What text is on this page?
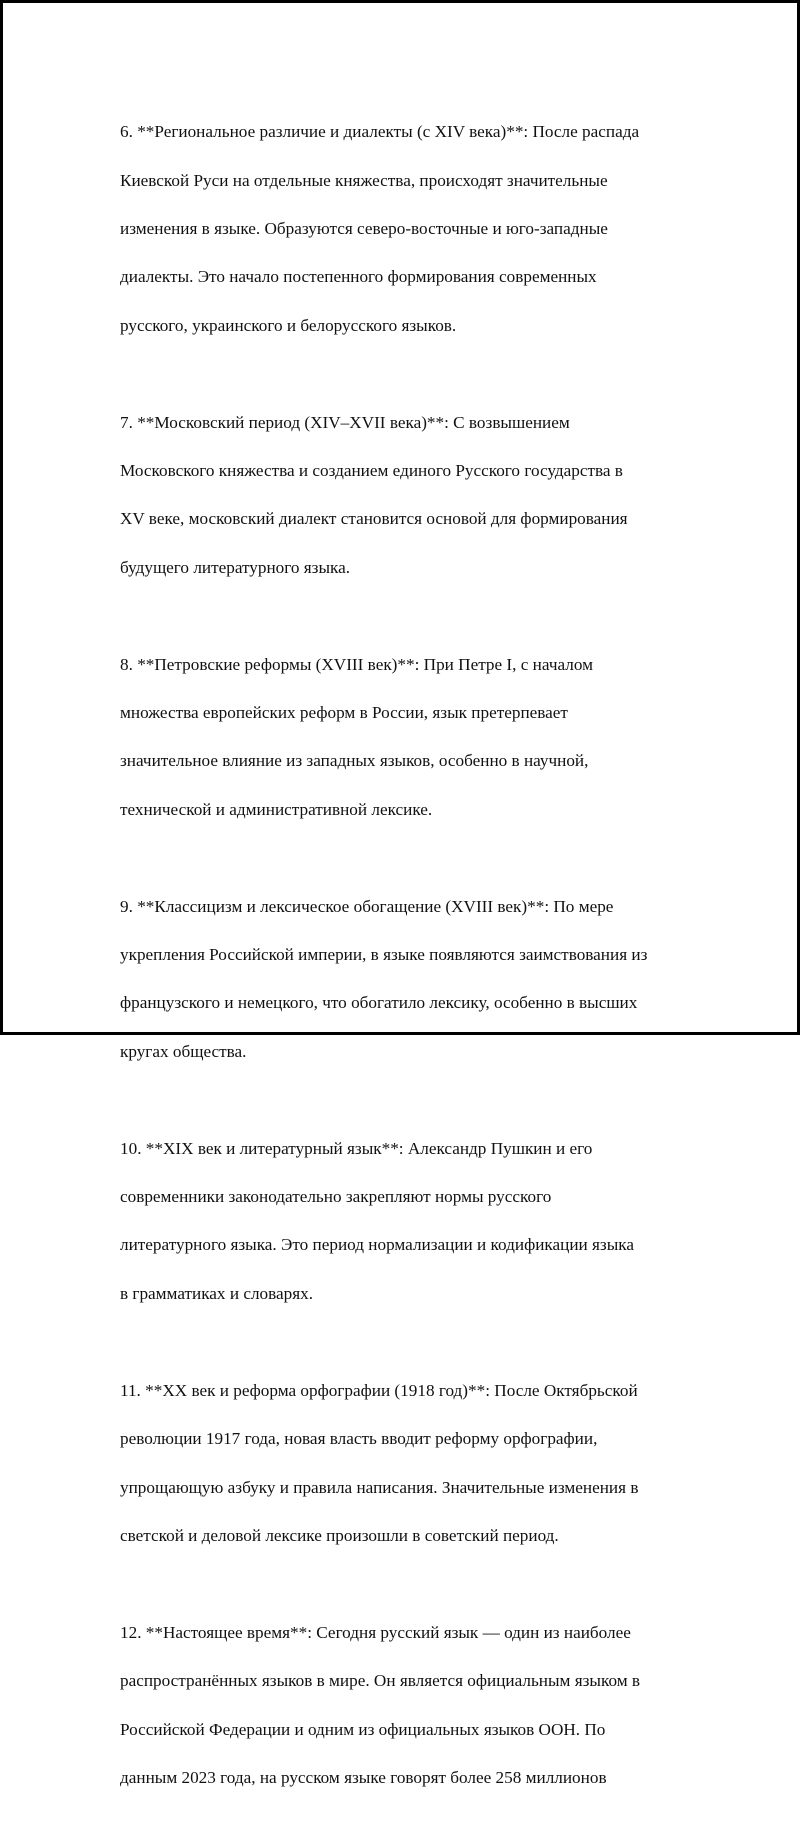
6. **Региональное различие и диалекты (с XIV века)**: После распада

Киевской Руси на отдельные княжества, происходят значительные

изменения в языке. Образуются северо-восточные и юго-западные

диалекты. Это начало постепенного формирования современных

русского, украинского и белорусского языков.

7. **Московский период (XIV–XVII века)**: С возвышением

Московского княжества и созданием единого Русского государства в

XV веке, московский диалект становится основой для формирования

будущего литературного языка.

8. **Петровские реформы (XVIII век)**: При Петре I, с началом

множества европейских реформ в России, язык претерпевает

значительное влияние из западных языков, особенно в научной,

технической и административной лексике.

9. **Классицизм и лексическое обогащение (XVIII век)**: По мере

укрепления Российской империи, в языке появляются заимствования из

французского и немецкого, что обогатило лексику, особенно в высших

кругах общества.

10. **XIX век и литературный язык**: Александр Пушкин и его

современники законодательно закрепляют нормы русского

литературного языка. Это период нормализации и кодификации языка

в грамматиках и словарях.

11. **XX век и реформа орфографии (1918 год)**: После Октябрьской

революции 1917 года, новая власть вводит реформу орфографии,

упрощающую азбуку и правила написания. Значительные изменения в

светской и деловой лексике произошли в советский период.

12. **Настоящее время**: Сегодня русский язык — один из наиболее

распространённых языков в мире. Он является официальным языком в

Российской Федерации и одним из официальных языков ООН. По

данным 2023 года, на русском языке говорят более 258 миллионов
